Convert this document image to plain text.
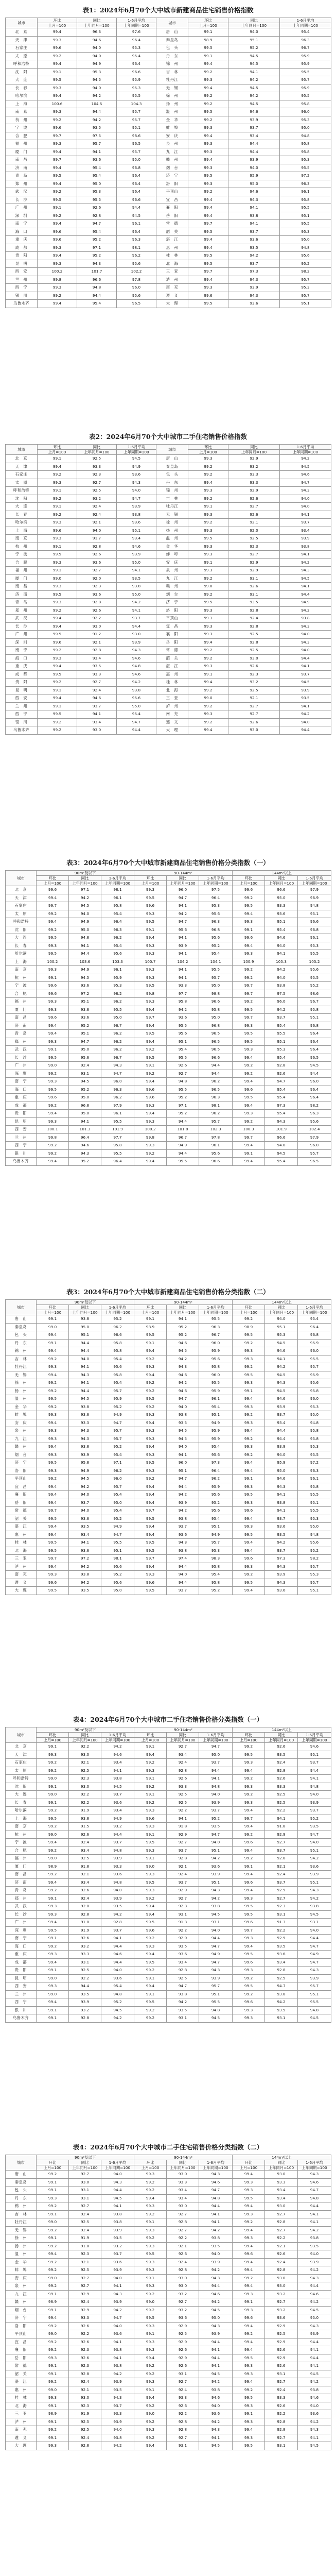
表1：2024年6月70个大中城市新建商品住宅销售价格指数
城市	环比	同比	1-6月平均	城市	环比	同比	1-6月平均
	上月=100	上年同月=100	上年同期=100		上月=100	上年同月=100	上年同期=100
北　京	99.4	96.3	97.6	唐　山	99.1	94.0	95.4
天　津	99.3	94.6	96.4	秦皇岛	98.9	95.1	96.3
石家庄	99.6	94.0	95.3	包　头	99.5	95.2	96.7
太　原	99.2	94.0	95.4	丹　东	99.1	94.5	95.9
呼和浩特	99.4	94.9	96.4	锦　州	99.4	94.5	95.9
沈　阳	99.1	95.3	96.6	吉　林	99.2	94.1	95.5
大　连	99.5	94.5	95.9	牡丹江	99.3	94.2	95.7
长　春	99.3	94.0	95.3	无　锡	99.4	94.5	95.9
哈尔滨	99.4	94.2	95.5	徐　州	99.2	94.2	95.5
上　海	100.6	104.5	104.3	扬　州	99.2	94.5	95.8
南　京	99.3	94.4	95.7	温　州	99.5	94.6	96.0
杭　州	99.2	94.2	95.7	金　华	99.2	93.9	95.3
宁　波	99.6	93.5	95.1	蚌　埠	99.3	93.7	95.0
合　肥	99.7	97.5	98.6	安　庆	99.4	93.4	94.8
福　州	99.3	95.7	96.5	泉　州	99.3	94.4	95.8
厦　门	99.4	94.1	95.7	九　江	99.3	94.4	95.8
南　昌	99.7	93.6	95.0	赣　州	99.4	93.9	95.3
济　南	99.4	95.4	96.8	烟　台	99.3	94.0	95.5
青　岛	99.5	95.4	96.4	济　宁	99.5	95.9	97.2
郑　州	99.4	95.0	96.4	洛　阳	99.3	95.0	96.3
武　汉	99.2	95.3	96.4	平顶山	99.2	94.6	96.1
长　沙	99.5	95.5	96.6	宜　昌	99.4	94.3	95.8
广　州	99.1	92.6	94.4	襄　阳	99.4	94.1	95.5
深　圳	99.2	92.8	94.5	岳　阳	99.4	93.8	95.1
南　宁	99.4	94.7	96.1	常　德	99.7	94.1	95.5
海　口	99.6	95.4	96.4	韶　关	99.5	93.7	95.3
重　庆	99.6	95.2	96.3	湛　江	99.4	93.6	95.0
成　都	99.3	97.1	98.1	惠　州	99.4	93.5	94.8
贵　阳	99.4	95.2	96.2	桂　林	99.5	94.2	95.6
昆　明	99.3	94.3	95.6	北　海	99.5	93.7	95.2
西　安	100.2	101.7	102.2	三　亚	99.7	97.3	98.2
兰　州	99.8	96.6	97.8	泸　州	99.4	94.3	95.7
西　宁	99.3	94.8	96.0	南　充	99.3	93.9	95.3
银　川	99.2	94.4	95.6	遵　义	99.6	94.3	95.7
乌鲁木齐	99.4	95.4	96.5	大　理	99.5	93.6	95.1
表2：2024年6月70个大中城市二手住宅销售价格指数
城市	环比	同比	1-6月平均	城市	环比	同比	1-6月平均
	上月=100	上年同月=100	上年同期=100		上月=100	上年同月=100	上年同期=100
北　京	99.1	92.5	94.5	唐　山	99.3	92.9	94.2
天　津	99.4	93.3	94.9	秦皇岛	99.2	93.2	94.5
石家庄	99.2	92.3	93.6	包　头	99.2	93.3	94.6
太　原	99.3	92.7	94.3	丹　东	99.4	93.3	94.7
呼和浩特	99.1	92.5	94.0	锦　州	99.3	92.9	94.3
沈　阳	99.2	93.2	94.7	吉　林	99.2	92.6	94.0
大　连	99.1	92.4	93.9	牡丹江	99.1	92.7	94.0
长　春	99.2	92.4	93.8	无　锡	99.3	92.6	94.1
哈尔滨	99.3	92.1	93.6	徐　州	99.2	92.1	93.7
上　海	99.6	94.0	95.1	扬　州	99.3	92.0	93.4
南　京	99.3	91.7	93.4	温　州	99.5	92.5	93.9
杭　州	99.1	92.8	94.6	金　华	99.3	92.3	93.8
宁　波	99.5	92.6	93.9	蚌　埠	99.3	92.7	94.1
合　肥	99.3	93.6	95.0	安　庆	99.1	92.9	94.2
福　州	99.1	92.7	94.1	泉　州	99.3	92.9	94.3
厦　门	99.0	92.0	93.5	九　江	99.2	93.1	94.5
南　昌	99.3	92.3	93.8	赣　州	99.0	92.6	94.1
济　南	99.5	93.6	95.0	烟　台	99.2	93.1	94.4
青　岛	99.3	92.8	94.2	济　宁	99.5	93.5	94.9
郑　州	99.2	92.6	94.1	洛　阳	99.3	92.8	94.2
武　汉	99.4	92.2	93.7	平顶山	99.1	92.4	93.8
长　沙	99.4	93.0	94.4	宜　昌	99.3	92.8	94.3
广　州	99.5	91.2	93.0	襄　阳	99.3	92.5	94.0
深　圳	99.6	92.1	93.9	岳　阳	99.4	92.8	94.3
南　宁	99.2	92.8	94.3	常　德	99.2	92.5	94.0
海　口	99.3	93.4	94.6	韶　关	99.2	93.0	94.4
重　庆	99.4	93.5	94.8	湛　江	99.3	92.6	94.1
成　都	99.5	93.3	94.6	惠　州	99.1	92.3	93.7
贵　阳	99.2	92.7	94.2	桂　林	99.4	93.2	94.5
昆　明	99.1	92.4	93.8	北　海	99.2	92.5	93.9
西　安	99.4	94.6	95.6	三　亚	99.0	92.1	93.5
兰　州	99.1	93.7	95.0	泸　州	99.2	92.7	94.1
西　宁	99.5	94.1	95.4	南　充	99.3	92.7	94.2
银　川	99.2	93.4	94.7	遵　义	99.2	92.6	94.0
乌鲁木齐	99.2	93.0	94.4	大　理	99.4	93.0	94.4
表3：2024年6月70个大中城市新建商品住宅销售价格分类指数（一）
城市	90m²及以下			90-144m²			144m²以上		
	环比	同比	1-6月平均	环比	同比	1-6月平均	环比	同比	1-6月平均
	上月=100	上年同月=100	上年同期=100	上月=100	上年同月=100	上年同期=100	上月=100	上年同月=100	上年同期=100
北　京	99.6	97.1	98.1	99.3	96.0	97.5	99.6	96.6	97.9
天　津	99.4	94.2	96.1	99.5	94.7	96.4	99.2	95.0	96.9
石家庄	99.7	94.5	95.8	99.6	94.1	95.3	99.5	93.3	94.8
太　原	99.2	94.0	95.4	99.3	94.2	95.6	99.4	93.6	95.1
呼和浩特	99.4	94.9	96.4	99.5	94.7	96.3	99.3	95.1	96.6
沈　阳	99.2	95.0	96.3	99.1	95.6	96.8	99.1	95.4	96.8
大　连	99.5	94.8	96.2	99.4	94.1	95.6	99.6	94.6	96.1
长　春	99.3	94.1	95.4	99.3	93.9	95.2	99.4	94.0	95.3
哈尔滨	99.5	94.4	95.6	99.3	94.1	95.4	99.3	94.1	95.5
上　海	100.2	103.6	103.3	100.7	104.2	104.1	100.9	105.3	105.2
南　京	99.3	94.9	96.1	99.3	94.1	95.5	99.2	94.2	95.6
杭　州	99.1	94.5	95.9	99.3	94.1	95.7	99.2	94.0	95.5
宁　波	99.6	93.6	95.3	99.5	93.3	95.0	99.7	93.8	95.2
合　肥	99.6	97.2	98.2	99.8	97.7	98.8	99.7	97.5	98.6
福　州	99.3	95.1	96.2	99.3	95.8	96.6	99.2	96.0	96.7
厦　门	99.3	93.8	95.5	99.4	94.2	95.8	99.5	94.2	95.8
南　昌	99.6	93.6	95.0	99.7	93.6	95.0	99.7	93.7	95.1
济　南	99.4	95.2	96.7	99.4	95.5	96.8	99.3	95.4	96.8
青　岛	99.4	95.1	96.2	99.5	95.6	96.5	99.5	95.5	96.4
郑　州	99.3	94.7	96.2	99.4	95.1	96.5	99.5	95.1	96.4
武　汉	99.1	95.0	96.2	99.2	95.4	96.5	99.3	95.3	96.4
长　沙	99.5	95.6	96.7	99.5	95.5	96.6	99.4	95.4	96.5
广　州	99.0	92.4	94.3	99.1	92.6	94.4	99.2	92.8	94.5
深　圳	99.2	93.1	94.7	99.2	92.7	94.4	99.2	92.6	94.4
南　宁	99.3	94.5	96.0	99.4	94.8	96.2	99.4	94.7	96.0
海　口	99.5	95.2	96.3	99.6	95.5	96.5	99.6	95.4	96.4
重　庆	99.6	95.0	96.2	99.6	95.2	96.3	99.5	95.4	96.4
成　都	99.2	96.8	97.9	99.3	97.1	98.1	99.4	97.3	98.2
贵　阳	99.4	95.0	96.1	99.4	95.2	96.2	99.3	95.4	96.3
昆　明	99.3	94.1	95.5	99.3	94.4	95.7	99.2	94.3	95.6
西　安	100.1	101.3	101.9	100.2	101.8	102.3	100.3	101.9	102.4
兰　州	99.8	96.4	97.7	99.8	96.7	97.8	99.7	96.6	97.9
西　宁	99.2	94.6	95.8	99.3	94.9	96.1	99.4	94.8	96.0
银　川	99.2	94.3	95.5	99.2	94.4	95.6	99.1	94.5	95.7
乌鲁木齐	99.4	95.2	96.4	99.4	95.5	96.6	99.4	95.4	96.5
表3：2024年6月70个大中城市新建商品住宅销售价格分类指数（二）
城市	90m²及以下			90-144m²			144m²以上		
	环比	同比	1-6月平均	环比	同比	1-6月平均	环比	同比	1-6月平均
	上月=100	上年同月=100	上年同期=100	上月=100	上年同月=100	上年同期=100	上月=100	上年同月=100	上年同期=100
唐　山	99.1	93.8	95.2	99.1	94.1	95.5	99.2	94.0	95.4
秦皇岛	99.0	95.0	96.2	98.9	95.2	96.3	98.9	95.1	96.4
包　头	99.4	95.1	96.6	99.5	95.2	96.7	99.5	95.3	96.8
丹　东	99.1	94.4	95.8	99.1	94.6	96.0	99.2	94.5	95.9
锦　州	99.4	94.4	95.8	99.4	94.5	95.9	99.3	94.6	96.0
吉　林	99.2	94.0	95.4	99.2	94.2	95.6	99.3	94.1	95.5
牡丹江	99.3	94.1	95.6	99.3	94.3	95.8	99.2	94.2	95.7
无　锡	99.4	94.3	95.8	99.4	94.6	96.0	99.5	94.5	95.9
徐　州	99.2	94.1	95.4	99.2	94.2	95.5	99.3	94.3	95.6
扬　州	99.2	94.4	95.7	99.2	94.6	95.9	99.1	94.5	95.8
温　州	99.5	94.5	95.9	99.5	94.7	96.1	99.4	94.6	96.0
金　华	99.2	93.8	95.2	99.2	94.0	95.4	99.3	93.9	95.3
蚌　埠	99.3	93.6	94.9	99.3	93.8	95.1	99.2	93.7	95.0
安　庆	99.4	93.3	94.7	99.4	93.5	94.9	99.3	93.4	94.8
泉　州	99.3	94.3	95.7	99.3	94.5	95.9	99.4	94.4	95.8
九　江	99.3	94.3	95.7	99.3	94.5	95.9	99.2	94.4	95.8
赣　州	99.4	93.8	95.2	99.4	94.0	95.4	99.3	93.9	95.3
烟　台	99.3	93.9	95.4	99.3	94.1	95.6	99.2	94.0	95.5
济　宁	99.5	95.8	97.1	99.5	96.0	97.3	99.4	95.9	97.2
洛　阳	99.3	94.9	96.2	99.3	95.1	96.4	99.4	95.0	96.3
平顶山	99.2	94.5	96.0	99.2	94.7	96.2	99.1	94.6	96.1
宜　昌	99.4	94.2	95.7	99.4	94.4	95.9	99.3	94.3	95.8
襄　阳	99.4	94.0	95.4	99.4	94.2	95.6	99.5	94.1	95.5
岳　阳	99.4	93.7	95.0	99.4	93.9	95.2	99.3	93.8	95.1
常　德	99.7	94.0	95.4	99.7	94.2	95.6	99.6	94.1	95.5
韶　关	99.5	93.6	95.2	99.5	93.8	95.4	99.4	93.7	95.3
湛　江	99.4	93.5	94.9	99.4	93.7	95.1	99.3	93.6	95.0
惠　州	99.4	93.4	94.7	99.4	93.6	94.9	99.5	93.5	94.8
桂　林	99.5	94.1	95.5	99.5	94.3	95.7	99.4	94.2	95.6
北　海	99.5	93.6	95.1	99.5	93.8	95.3	99.4	93.7	95.2
三　亚	99.7	97.2	98.1	99.7	97.4	98.3	99.6	97.3	98.2
泸　州	99.4	94.2	95.6	99.4	94.4	95.8	99.3	94.3	95.7
南　充	99.3	93.8	95.2	99.3	94.0	95.4	99.2	93.9	95.3
遵　义	99.6	94.2	95.6	99.6	94.4	95.8	99.5	94.3	95.7
大　理	99.5	93.5	95.0	99.5	93.7	95.2	99.4	93.6	95.1
表4：2024年6月70个大中城市二手住宅销售价格分类指数（一）
城市	90m²及以下			90-144m²			144m²以上		
	环比	同比	1-6月平均	环比	同比	1-6月平均	环比	同比	1-6月平均
	上月=100	上年同月=100	上年同期=100	上月=100	上年同月=100	上年同期=100	上月=100	上年同月=100	上年同期=100
北　京	99.1	92.2	94.2	99.1	92.7	94.7	99.2	92.6	94.6
天　津	99.3	93.0	94.6	99.4	93.4	95.0	99.5	93.5	95.1
石家庄	99.2	92.1	93.4	99.2	92.4	93.7	99.3	92.4	93.7
太　原	99.2	92.5	94.1	99.3	92.8	94.4	99.4	92.8	94.4
呼和浩特	99.0	92.3	93.8	99.1	92.6	94.1	99.2	92.6	94.1
沈　阳	99.1	93.0	94.5	99.2	93.3	94.8	99.3	93.3	94.8
大　连	99.0	92.2	93.7	99.1	92.5	94.0	99.2	92.5	94.0
长　春	99.1	92.2	93.6	99.2	92.5	93.9	99.3	92.5	93.9
哈尔滨	99.2	91.9	93.4	99.3	92.2	93.7	99.4	92.2	93.7
上　海	99.5	93.8	94.9	99.6	94.1	95.2	99.7	94.1	95.2
南　京	99.2	91.5	93.2	99.3	91.8	93.5	99.4	91.8	93.5
杭　州	99.0	92.6	94.4	99.1	92.9	94.7	99.2	92.9	94.7
宁　波	99.4	92.4	93.7	99.5	92.7	94.0	99.6	92.7	94.0
合　肥	99.2	93.4	94.8	99.3	93.7	95.1	99.4	93.7	95.1
福　州	99.0	92.5	93.9	99.1	92.8	94.2	99.2	92.8	94.2
厦　门	98.9	91.8	93.3	99.0	92.1	93.6	99.1	92.1	93.6
南　昌	99.2	92.1	93.6	99.3	92.4	93.9	99.4	92.4	93.9
济　南	99.4	93.4	94.8	99.5	93.7	95.1	99.6	93.7	95.1
青　岛	99.2	92.6	94.0	99.3	92.9	94.3	99.4	92.9	94.3
郑　州	99.1	92.4	93.9	99.2	92.7	94.2	99.3	92.7	94.2
武　汉	99.3	92.0	93.5	99.4	92.3	93.8	99.5	92.3	93.8
长　沙	99.3	92.8	94.2	99.4	93.1	94.5	99.5	93.1	94.5
广　州	99.4	91.0	92.8	99.5	91.3	93.1	99.6	91.3	93.1
深　圳	99.5	91.9	93.7	99.6	92.2	94.0	99.7	92.2	94.0
南　宁	99.1	92.6	94.1	99.2	92.9	94.4	99.3	92.9	94.4
海　口	99.2	93.2	94.4	99.3	93.5	94.7	99.4	93.5	94.7
重　庆	99.3	93.3	94.6	99.4	93.6	94.9	99.5	93.6	94.9
成　都	99.4	93.1	94.4	99.5	93.4	94.7	99.6	93.4	94.7
贵　阳	99.1	92.5	94.0	99.2	92.8	94.3	99.3	92.8	94.3
昆　明	99.0	92.2	93.6	99.1	92.5	93.9	99.2	92.5	93.9
西　安	99.3	94.4	95.4	99.4	94.7	95.7	99.5	94.7	95.7
兰　州	99.0	93.5	94.8	99.1	93.8	95.1	99.2	93.8	95.1
西　宁	99.4	93.9	95.2	99.5	94.2	95.5	99.6	94.2	95.5
银　川	99.1	93.2	94.5	99.2	93.5	94.8	99.3	93.5	94.8
乌鲁木齐	99.1	92.8	94.2	99.2	93.1	94.5	99.3	93.1	94.5
表4：2024年6月70个大中城市二手住宅销售价格分类指数（二）
城市	90m²及以下			90-144m²			144m²以上		
	环比	同比	1-6月平均	环比	同比	1-6月平均	环比	同比	1-6月平均
	上月=100	上年同月=100	上年同期=100	上月=100	上年同月=100	上年同期=100	上月=100	上年同月=100	上年同期=100
唐　山	99.2	92.7	94.0	99.3	93.0	94.3	99.4	93.0	94.3
秦皇岛	99.1	93.0	94.3	99.2	93.3	94.6	99.3	93.3	94.6
包　头	99.1	93.1	94.4	99.2	93.4	94.7	99.3	93.4	94.7
丹　东	99.3	93.1	94.5	99.4	93.4	94.8	99.5	93.4	94.8
锦　州	99.2	92.7	94.1	99.3	93.0	94.4	99.4	93.0	94.4
吉　林	99.1	92.4	93.8	99.2	92.7	94.1	99.3	92.7	94.1
牡丹江	99.0	92.5	93.8	99.1	92.8	94.1	99.2	92.8	94.1
无　锡	99.2	92.4	93.9	99.3	92.7	94.2	99.4	92.7	94.2
徐　州	99.1	91.9	93.5	99.2	92.2	93.8	99.3	92.2	93.8
扬　州	99.2	91.8	93.2	99.3	92.1	93.5	99.4	92.1	93.5
温　州	99.4	92.3	93.7	99.5	92.6	94.0	99.6	92.6	94.0
金　华	99.2	92.1	93.6	99.3	92.4	93.9	99.4	92.4	93.9
蚌　埠	99.2	92.5	93.9	99.3	92.8	94.2	99.4	92.8	94.2
安　庆	99.0	92.7	94.0	99.1	93.0	94.3	99.2	93.0	94.3
泉　州	99.2	92.7	94.1	99.3	93.0	94.4	99.4	93.0	94.4
九　江	99.1	92.9	94.3	99.2	93.2	94.6	99.3	93.2	94.6
赣　州	98.9	92.4	93.9	99.0	92.7	94.2	99.1	92.7	94.2
烟　台	99.1	92.9	94.2	99.2	93.2	94.5	99.3	93.2	94.5
济　宁	99.4	93.3	94.7	99.5	93.6	95.0	99.6	93.6	95.0
洛　阳	99.2	92.6	94.0	99.3	92.9	94.3	99.4	92.9	94.3
平顶山	99.0	92.2	93.6	99.1	92.5	93.9	99.2	92.5	93.9
宜　昌	99.2	92.6	94.1	99.3	92.9	94.4	99.4	92.9	94.4
襄　阳	99.2	92.3	93.8	99.3	92.6	94.1	99.4	92.6	94.1
岳　阳	99.3	92.6	94.1	99.4	92.9	94.4	99.5	92.9	94.4
常　德	99.1	92.3	93.8	99.2	92.6	94.1	99.3	92.6	94.1
韶　关	99.1	92.8	94.2	99.2	93.1	94.5	99.3	93.1	94.5
湛　江	99.2	92.4	93.9	99.3	92.7	94.2	99.4	92.7	94.2
惠　州	99.0	92.1	93.5	99.1	92.4	93.8	99.2	92.4	93.8
桂　林	99.3	93.0	94.3	99.4	93.3	94.6	99.5	93.3	94.6
北　海	99.1	92.3	93.7	99.2	92.6	94.0	99.3	92.6	94.0
三　亚	98.9	91.9	93.3	99.0	92.2	93.6	99.1	92.2	93.6
泸　州	99.1	92.5	93.9	99.2	92.8	94.2	99.3	92.8	94.2
南　充	99.2	92.5	94.0	99.3	92.8	94.3	99.4	92.8	94.3
遵　义	99.1	92.4	93.8	99.2	92.7	94.1	99.3	92.7	94.1
大　理	99.3	92.8	94.2	99.4	93.1	94.5	99.5	93.1	94.5
